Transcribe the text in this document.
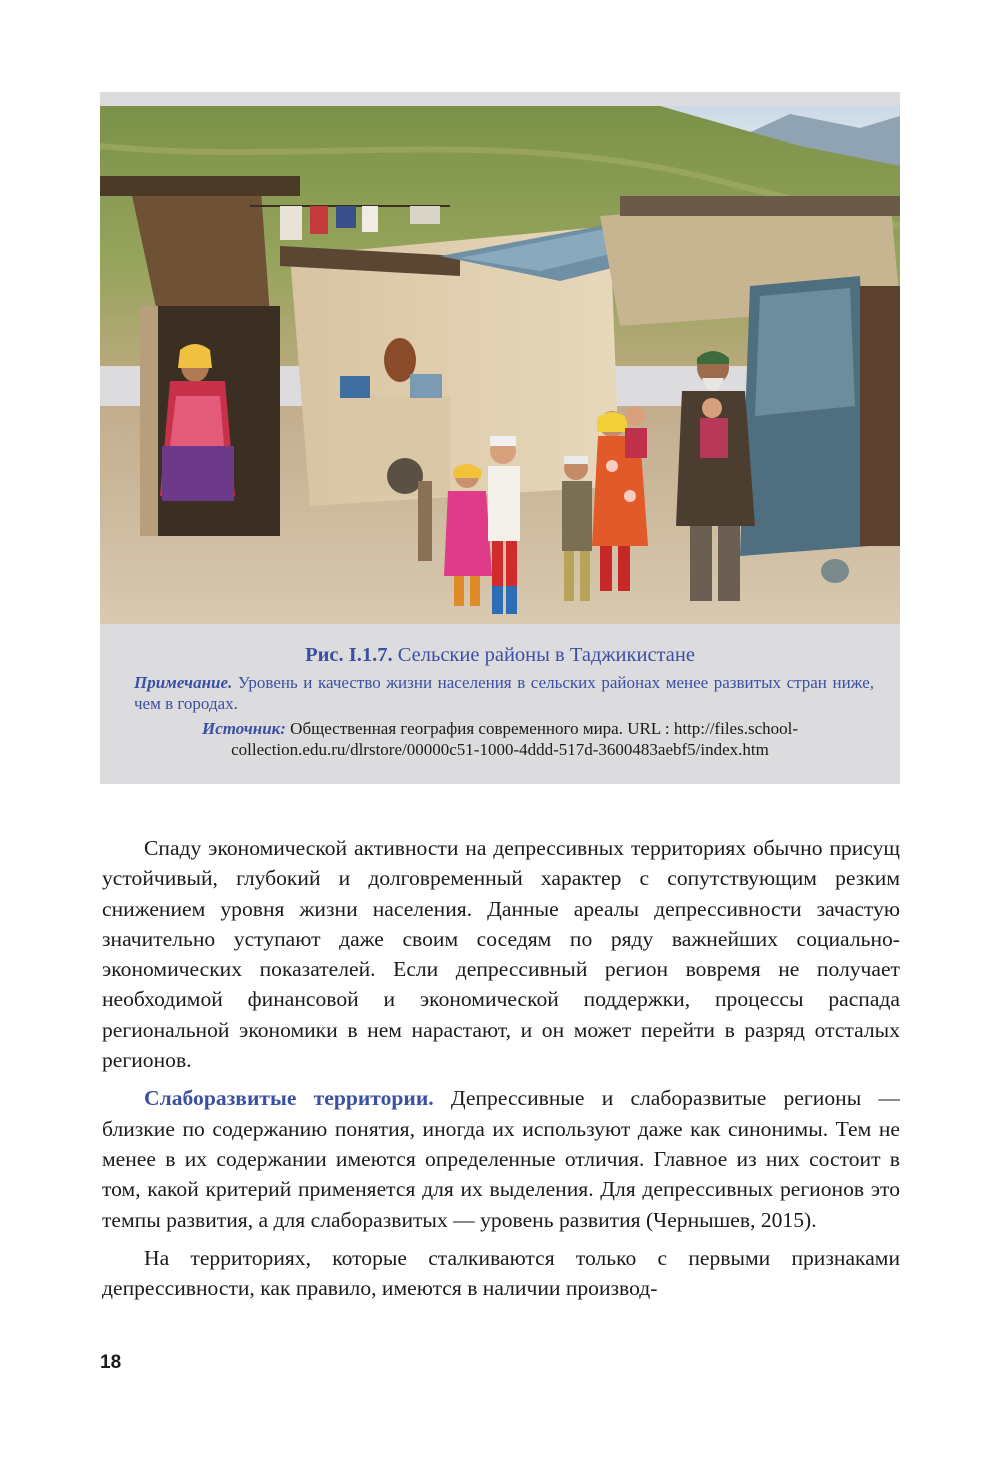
Рис. I.1.7. Сельские районы в Таджикистане
Примечание. Уровень и качество жизни населения в сельских районах менее развитых стран ниже, чем в городах.
Источник: Общественная география современного мира. URL : http://files.school-collection.edu.ru/dlrstore/00000c51-1000-4ddd-517d-3600483aebf5/index.htm

Спаду экономической активности на депрессивных территориях обычно присущ устойчивый, глубокий и долговременный характер с сопутствующим резким снижением уровня жизни населения. Данные ареалы депрессивности зачастую значительно уступают даже своим соседям по ряду важнейших социально-экономических показателей. Если депрессивный регион вовремя не получает необходимой финансовой и экономической поддержки, процессы распада региональной экономики в нем нарастают, и он может перейти в разряд отсталых регионов.

Слаборазвитые территории. Депрессивные и слаборазвитые регионы — близкие по содержанию понятия, иногда их используют даже как синонимы. Тем не менее в их содержании имеются определенные отличия. Главное из них состоит в том, какой критерий применяется для их выделения. Для депрессивных регионов это темпы развития, а для слаборазвитых — уровень развития (Чернышев, 2015).

На территориях, которые сталкиваются только с первыми признаками депрессивности, как правило, имеются в наличии производ-

18
